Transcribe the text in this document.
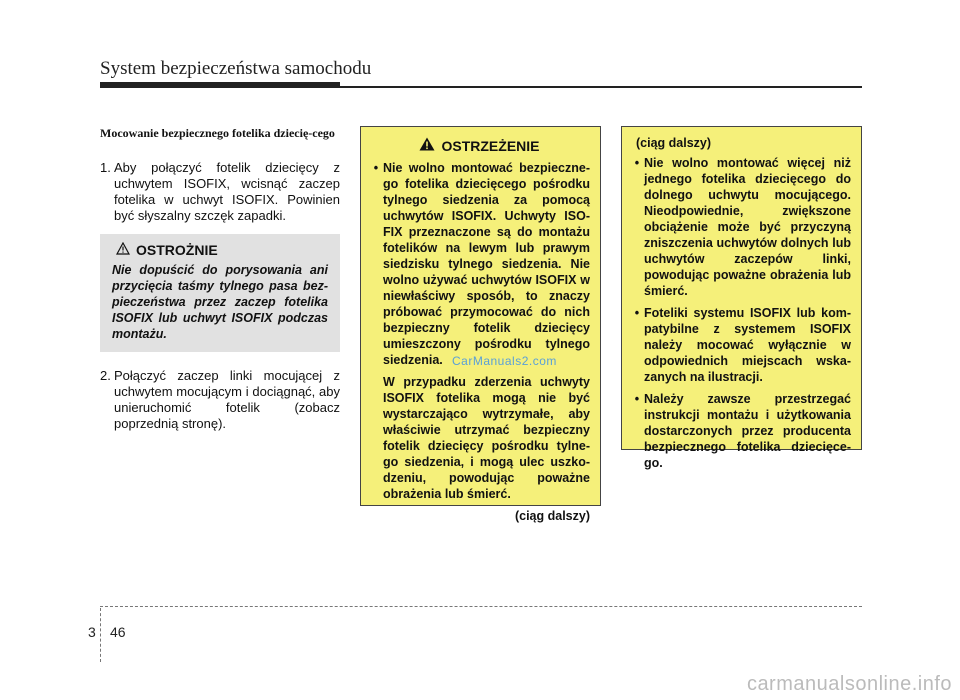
System bezpieczeństwa samochodu
Mocowanie bezpiecznego fotelika dziecię-cego
1. Aby połączyć fotelik dziecięcy z uchwytem ISOFIX, wcisnąć zaczep fotelika w uchwyt ISOFIX. Powinien być słyszalny szczęk zapadki.
OSTROŻNIE
Nie dopuścić do porysowania ani przycięcia taśmy tylnego pasa bez-pieczeństwa przez zaczep fotelika ISOFIX lub uchwyt ISOFIX podczas montażu.
2. Połączyć zaczep linki mocującej z uchwytem mocującym i dociągnąć, aby unieruchomić fotelik (zobacz poprzednią stronę).
OSTRZEŻENIE
• Nie wolno montować bezpieczne-go fotelika dziecięcego pośrodku tylnego siedzenia za pomocą uchwytów ISOFIX. Uchwyty ISO-FIX przeznaczone są do montażu fotelików na lewym lub prawym siedzisku tylnego siedzenia. Nie wolno używać uchwytów ISOFIX w niewłaściwy sposób, to znaczy próbować przymocować do nich bezpieczny fotelik dziecięcy umieszczony pośrodku tylnego siedzenia.
W przypadku zderzenia uchwyty ISOFIX fotelika mogą nie być wystarczająco wytrzymałe, aby właściwie utrzymać bezpieczny fotelik dziecięcy pośrodku tylne-go siedzenia, i mogą ulec uszko-dzeniu, powodując poważne obrażenia lub śmierć.
(ciąg dalszy)
CarManuals2.com
(ciąg dalszy)
• Nie wolno montować więcej niż jednego fotelika dziecięcego do dolnego uchwytu mocującego. Nieodpowiednie, zwiększone obciążenie może być przyczyną zniszczenia uchwytów dolnych lub uchwytów zaczepów linki, powodując poważne obrażenia lub śmierć.
• Foteliki systemu ISOFIX lub kom-patybilne z systemem ISOFIX należy mocować wyłącznie w odpowiednich miejscach wska-zanych na ilustracji.
• Należy zawsze przestrzegać instrukcji montażu i użytkowania dostarczonych przez producenta bezpiecznego fotelika dziecięce-go.
3 46
carmanualsonline.info
